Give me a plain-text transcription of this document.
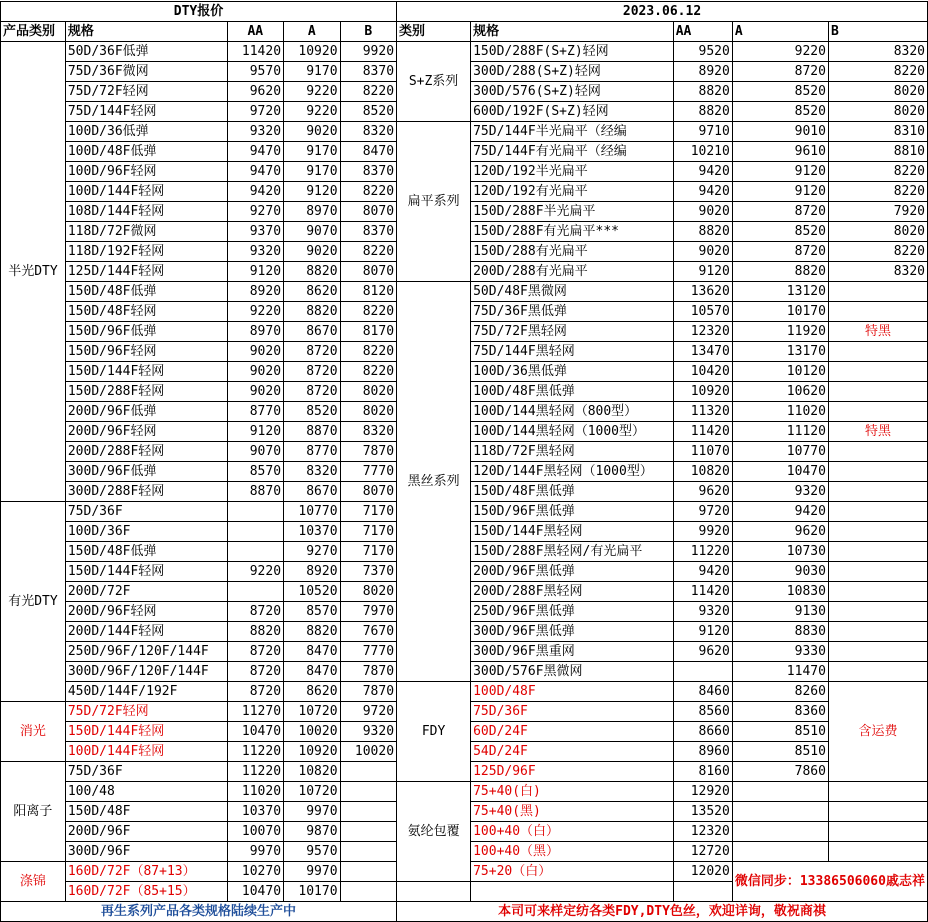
DTY报价					2023.06.12				
产品类别	规格	AA	A	B	类别	规格	AA	A	B
半光DTY	50D/36F低弹	11420	10920	9920	S+Z系列	150D/288F(S+Z)轻网	9520	9220	8320
	75D/36F微网	9570	9170	8370		300D/288(S+Z)轻网	8920	8720	8220
	75D/72F轻网	9620	9220	8220		300D/576(S+Z)轻网	8820	8520	8020
	75D/144F轻网	9720	9220	8520		600D/192F(S+Z)轻网	8820	8520	8020
	100D/36低弹	9320	9020	8320	扁平系列	75D/144F半光扁平（经编	9710	9010	8310
	100D/48F低弹	9470	9170	8470		75D/144F有光扁平（经编	10210	9610	8810
	100D/96F轻网	9470	9170	8370		120D/192半光扁平	9420	9120	8220
	100D/144F轻网	9420	9120	8220		120D/192有光扁平	9420	9120	8220
	108D/144F轻网	9270	8970	8070		150D/288F半光扁平	9020	8720	7920
	118D/72F微网	9370	9070	8370		150D/288F有光扁平***	8820	8520	8020
	118D/192F轻网	9320	9020	8220		150D/288有光扁平	9020	8720	8220
	125D/144F轻网	9120	8820	8070		200D/288有光扁平	9120	8820	8320
	150D/48F低弹	8920	8620	8120	黑丝系列	50D/48F黑微网	13620	13120	
	150D/48F轻网	9220	8820	8220		75D/36F黑低弹	10570	10170	
	150D/96F低弹	8970	8670	8170		75D/72F黑轻网	12320	11920	特黑
	150D/96F轻网	9020	8720	8220		75D/144F黑轻网	13470	13170	
	150D/144F轻网	9020	8720	8220		100D/36黑低弹	10420	10120	
	150D/288F轻网	9020	8720	8020		100D/48F黑低弹	10920	10620	
	200D/96F低弹	8770	8520	8020		100D/144黑轻网（800型）	11320	11020	
	200D/96F轻网	9120	8870	8320		100D/144黑轻网（1000型）	11420	11120	特黑
	200D/288F轻网	9070	8770	7870		118D/72F黑轻网	11070	10770	
	300D/96F低弹	8570	8320	7770		120D/144F黑轻网（1000型）	10820	10470	
	300D/288F轻网	8870	8670	8070		150D/48F黑低弹	9620	9320	
有光DTY	75D/36F		10770	7170		150D/96F黑低弹	9720	9420	
	100D/36F		10370	7170		150D/144F黑轻网	9920	9620	
	150D/48F低弹		9270	7170		150D/288F黑轻网/有光扁平	11220	10730	
	150D/144F轻网	9220	8920	7370		200D/96F黑低弹	9420	9030	
	200D/72F		10520	8020		200D/288F黑轻网	11420	10830	
	200D/96F轻网	8720	8570	7970		250D/96F黑低弹	9320	9130	
	200D/144F轻网	8820	8820	7670		300D/96F黑低弹	9120	8830	
	250D/96F/120F/144F	8720	8470	7770		300D/96F黑重网	9620	9330	
	300D/96F/120F/144F	8720	8470	7870		300D/576F黑微网		11470	
	450D/144F/192F	8720	8620	7870	FDY	100D/48F	8460	8260	含运费
消光	75D/72F轻网	11270	10720	9720		75D/36F	8560	8360	
	150D/144F轻网	10470	10020	9320		60D/24F	8660	8510	
	100D/144F轻网	11220	10920	10020		54D/24F	8960	8510	
阳离子	75D/36F	11220	10820			125D/96F	8160	7860	
	100/48	11020	10720		氨纶包覆	75+40(白)	12920		
	150D/48F	10370	9970			75+40(黑)	13520		
	200D/96F	10070	9870			100+40（白）	12320		
	300D/96F	9970	9570			100+40（黑）	12720		
涤锦	160D/72F（87+13）	10270	9970			75+20（白）	12020	微信同步：13386506060戚志祥	
	160D/72F（85+15）	10470	10170						
再生系列产品各类规格陆续生产中					本司可来样定纺各类FDY,DTY色丝，欢迎详询，敬祝商祺				
